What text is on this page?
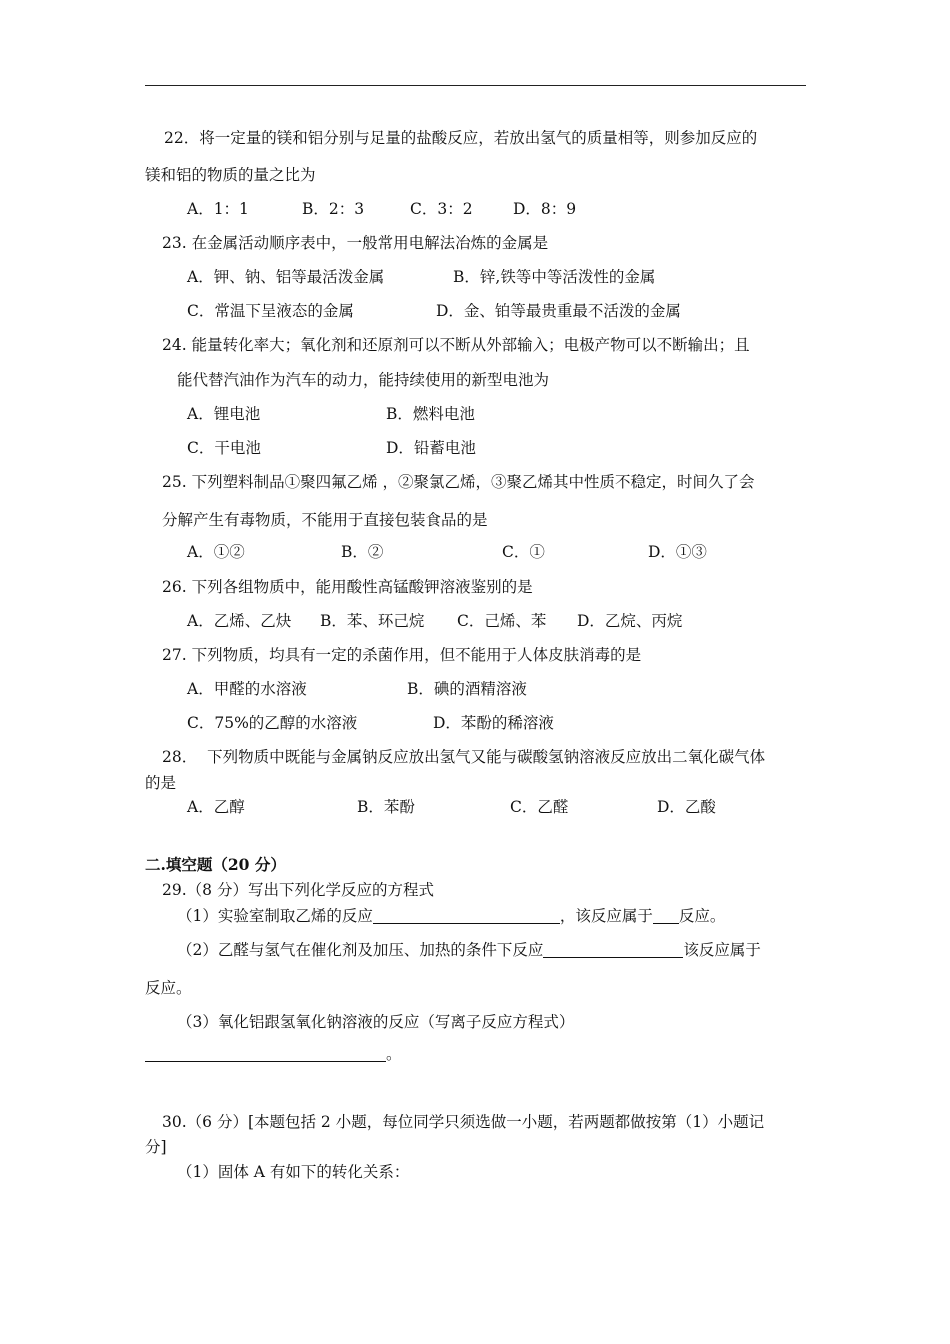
22．将一定量的镁和铝分别与足量的盐酸反应，若放出氢气的质量相等，则参加反应的
镁和铝的物质的量之比为
A．1：1	B．2：3	C．3：2	D．8：9
23. 在金属活动顺序表中，一般常用电解法冶炼的金属是
A．钾、钠、铝等最活泼金属	B．锌,铁等中等活泼性的金属
C．常温下呈液态的金属	D．金、铂等最贵重最不活泼的金属
24. 能量转化率大；氧化剂和还原剂可以不断从外部输入；电极产物可以不断输出；且
能代替汽油作为汽车的动力，能持续使用的新型电池为
A．锂电池	B．燃料电池
C．干电池	D．铅蓄电池
25. 下列塑料制品①聚四氟乙烯 ，②聚氯乙烯，③聚乙烯其中性质不稳定，时间久了会
分解产生有毒物质，不能用于直接包装食品的是
A．①②	B．②	C．①	D．①③
26. 下列各组物质中，能用酸性高锰酸钾溶液鉴别的是
A．乙烯、乙炔 B．苯、环己烷 C．己烯、苯 D．乙烷、丙烷
27. 下列物质，均具有一定的杀菌作用，但不能用于人体皮肤消毒的是
A．甲醛的水溶液	B．碘的酒精溶液
C．75%的乙醇的水溶液	D．苯酚的稀溶液
28．  下列物质中既能与金属钠反应放出氢气又能与碳酸氢钠溶液反应放出二氧化碳气体
的是
A．乙醇	B．苯酚	C．乙醛	D．乙酸
二.填空题（20 分）
29.（8 分）写出下列化学反应的方程式
（1）实验室制取乙烯的反应	，该反应属于 反应。
（2）乙醛与氢气在催化剂及加压、加热的条件下反应	该反应属于
反应。
（3）氧化铝跟氢氧化钠溶液的反应（写离子反应方程式）
。
30.（6 分）[本题包括 2 小题，每位同学只须选做一小题，若两题都做按第（1）小题记
分]
（1）固体 A 有如下的转化关系：
